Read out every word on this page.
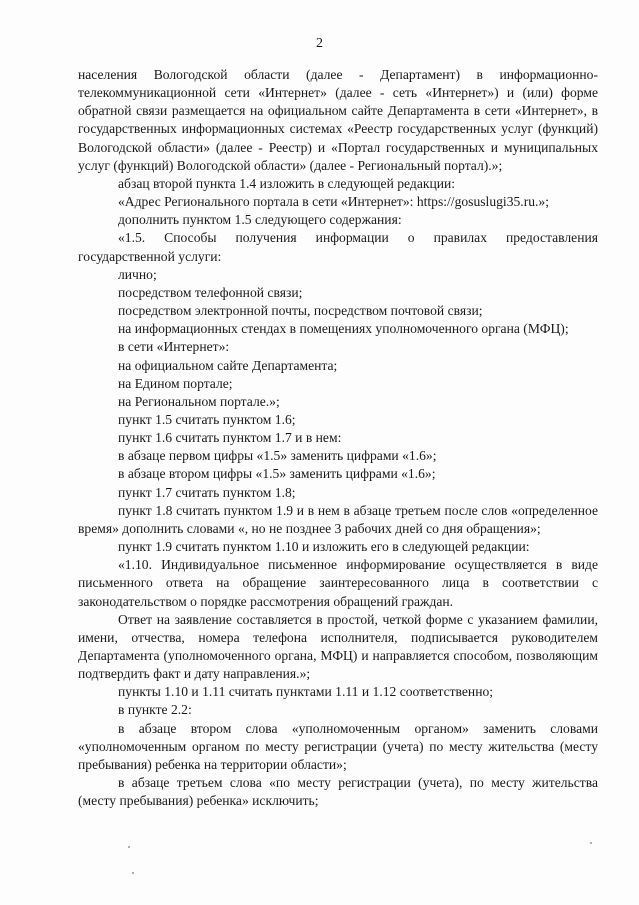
2

населения Вологодской области (далее - Департамент) в информационно-телекоммуникационной сети «Интернет» (далее - сеть «Интернет») и (или) форме обратной связи размещается на официальном сайте Департамента в сети «Интернет», в государственных информационных системах «Реестр государственных услуг (функций) Вологодской области» (далее - Реестр) и «Портал государственных и муниципальных услуг (функций) Вологодской области» (далее - Региональный портал).»;

абзац второй пункта 1.4 изложить в следующей редакции:

«Адрес Регионального портала в сети «Интернет»: https://gosuslugi35.ru.»;

дополнить пунктом 1.5 следующего содержания:

«1.5. Способы получения информации о правилах предоставления государственной услуги:

лично;

посредством телефонной связи;

посредством электронной почты, посредством почтовой связи;

на информационных стендах в помещениях уполномоченного органа (МФЦ);

в сети «Интернет»:

на официальном сайте Департамента;

на Едином портале;

на Региональном портале.»;

пункт 1.5 считать пунктом 1.6;

пункт 1.6 считать пунктом 1.7 и в нем:

в абзаце первом цифры «1.5» заменить цифрами «1.6»;

в абзаце втором цифры «1.5» заменить цифрами «1.6»;

пункт 1.7 считать пунктом 1.8;

пункт 1.8 считать пунктом 1.9 и в нем в абзаце третьем после слов «определенное время» дополнить словами «, но не позднее 3 рабочих дней со дня обращения»;

пункт 1.9 считать пунктом 1.10 и изложить его в следующей редакции:

«1.10. Индивидуальное письменное информирование осуществляется в виде письменного ответа на обращение заинтересованного лица в соответствии с законодательством о порядке рассмотрения обращений граждан.

Ответ на заявление составляется в простой, четкой форме с указанием фамилии, имени, отчества, номера телефона исполнителя, подписывается руководителем Департамента (уполномоченного органа, МФЦ) и направляется способом, позволяющим подтвердить факт и дату направления.»;

пункты 1.10 и 1.11 считать пунктами 1.11 и 1.12 соответственно;

в пункте 2.2:

в абзаце втором слова «уполномоченным органом» заменить словами «уполномоченным органом по месту регистрации (учета) по месту жительства (месту пребывания) ребенка на территории области»;

в абзаце третьем слова «по месту регистрации (учета), по месту жительства (месту пребывания) ребенка» исключить;
